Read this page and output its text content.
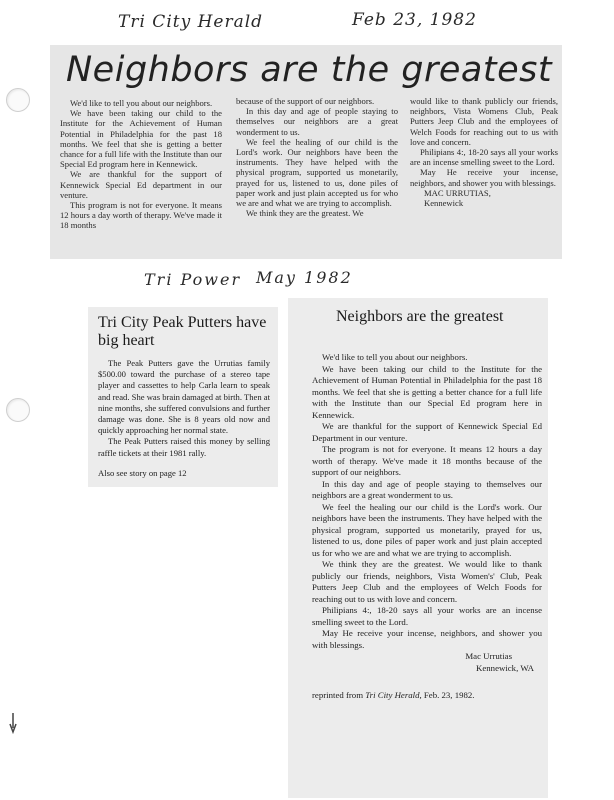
Tri City Herald	Feb 23, 1982
Tri Power May 1982
Neighbors are the greatest

We'd like to tell you about our neighbors.

We have been taking our child to the Institute for the Achievement of Human Potential in Philadelphia for the past 18 months. We feel that she is getting a better chance for a full life with the Institute than our Special Ed program here in Kennewick.

We are thankful for the support of Kennewick Special Ed department in our venture.

This program is not for everyone. It means 12 hours a day worth of therapy. We've made it 18 months

because of the support of our neighbors.

In this day and age of people staying to themselves our neighbors are a great wonderment to us.

We feel the healing of our child is the Lord's work. Our neighbors have been the instruments. They have helped with the physical program, supported us monetarily, prayed for us, listened to us, done piles of paper work and just plain accepted us for who we are and what we are trying to accomplish.

We think they are the greatest. We

would like to thank publicly our friends, neighbors, Vista Womens Club, Peak Putters Jeep Club and the employees of Welch Foods for reaching out to us with love and concern.

Philipians 4:, 18-20 says all your works are an incense smelling sweet to the Lord.

May He receive your incense, neighbors, and shower you with blessings.

MAC URRUTIAS,

Kennewick

Tri City Peak Putters have big heart

The Peak Putters gave the Urrutias family $500.00 toward the purchase of a stereo tape player and cassettes to help Carla learn to speak and read. She was brain damaged at birth. Then at nine months, she suffered convulsions and further damage was done. She is 8 years old now and quickly approaching her normal state.

The Peak Putters raised this money by selling raffle tickets at their 1981 rally.

Also see story on page 12

Neighbors are the greatest

We'd like to tell you about our neighbors.

We have been taking our child to the Institute for the Achievement of Human Potential in Philadelphia for the past 18 months. We feel that she is getting a better chance for a full life with the Institute than our Special Ed program here in Kennewick.

We are thankful for the support of Kennewick Special Ed Department in our venture.

The program is not for everyone. It means 12 hours a day worth of therapy. We've made it 18 months because of the support of our neighbors.

In this day and age of people staying to themselves our neighbors are a great wonderment to us.

We feel the healing our our child is the Lord's work. Our neighbors have been the instruments. They have helped with the physical program, supported us monetarily, prayed for us, listened to us, done piles of paper work and just plain accepted us for who we are and what we are trying to accomplish.

We think they are the greatest. We would like to thank publicly our friends, neighbors, Vista Women's' Club, Peak Putters Jeep Club and the employees of Welch Foods for reaching out to us with love and concern.

Philipians 4:, 18-20 says all your works are an incense smelling sweet to the Lord.

May He receive your incense, neighbors, and shower you with blessings.

Mac Urrutias

Kennewick, WA

reprinted from Tri City Herald, Feb. 23, 1982.
